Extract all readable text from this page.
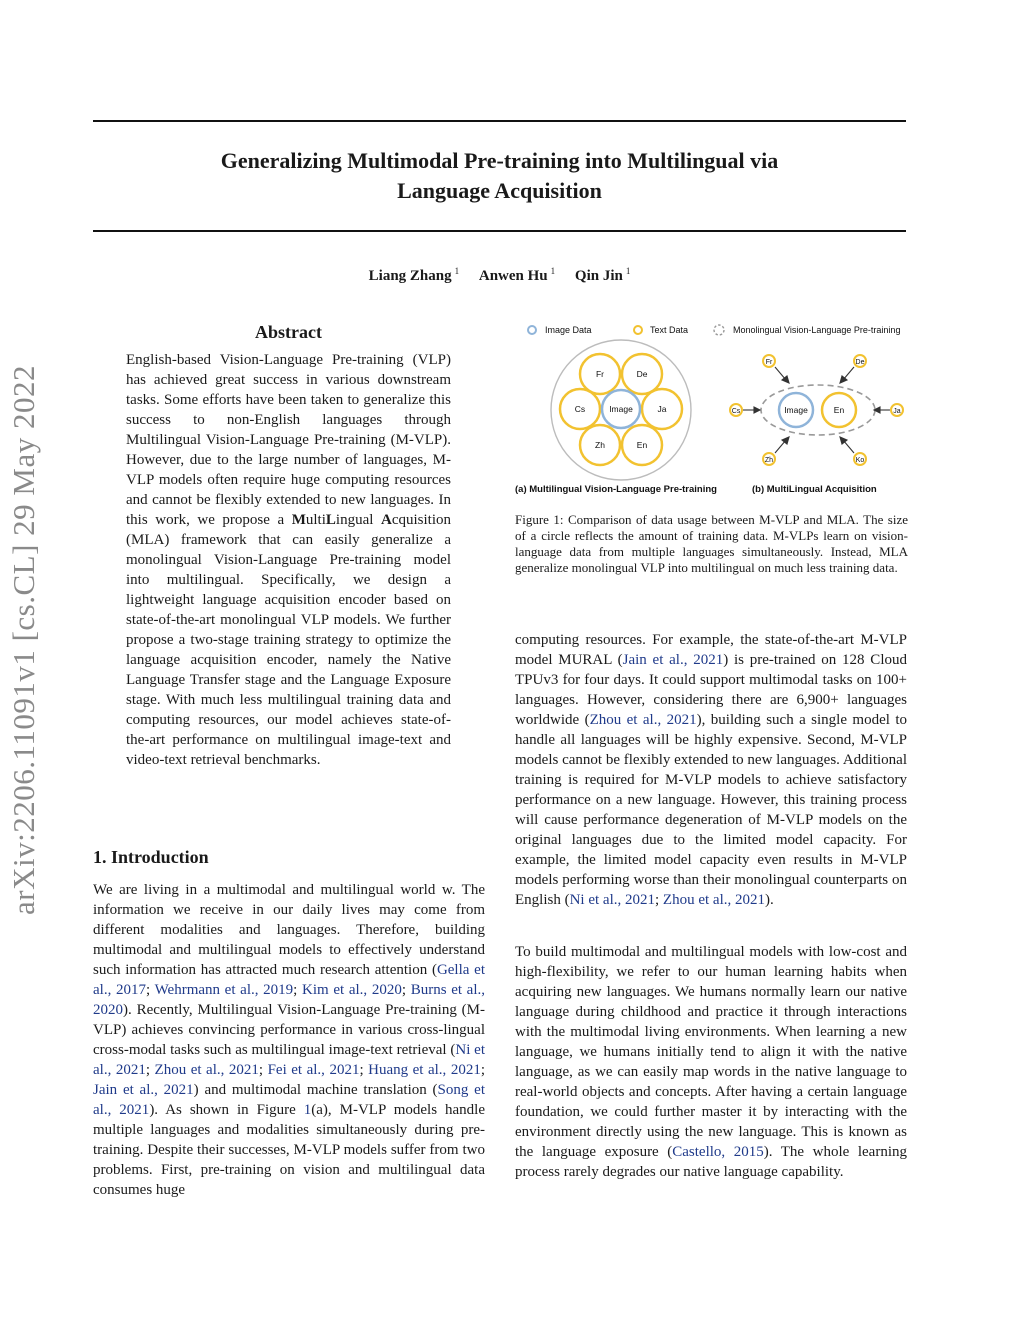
Generalizing Multimodal Pre-training into Multilingual via
Language Acquisition
Liang Zhang $^1$ Anwen Hu $^1$ Qin Jin $^1$
arXiv:2206.11091v1 [cs.CL] 29 May 2022
Abstract

English-based Vision-Language Pre-training (VLP) has achieved great success in various downstream tasks. Some efforts have been taken to generalize this success to non-English languages through Multilingual Vision-Language Pre-training (M-VLP). However, due to the large number of languages, M-VLP models often require huge computing resources and cannot be flexibly extended to new languages. In this work, we propose a MultiLingual Acquisition (MLA) framework that can easily generalize a monolingual Vision-Language Pre-training model into multilingual. Specifically, we design a lightweight language acquisition encoder based on state-of-the-art monolingual VLP models. We further propose a two-stage training strategy to optimize the language acquisition encoder, namely the Native Language Transfer stage and the Language Exposure stage. With much less multilingual training data and computing resources, our model achieves state-of-the-art performance on multilingual image-text and video-text retrieval benchmarks.

1. Introduction

We are living in a multimodal and multilingual world w. The information we receive in our daily lives may come from different modalities and languages. Therefore, building multimodal and multilingual models to effectively understand such information has attracted much research attention (Gella et al., 2017; Wehrmann et al., 2019; Kim et al., 2020; Burns et al., 2020). Recently, Multilingual Vision-Language Pre-training (M-VLP) achieves convincing performance in various cross-lingual cross-modal tasks such as multilingual image-text retrieval (Ni et al., 2021; Zhou et al., 2021; Fei et al., 2021; Huang et al., 2021; Jain et al., 2021) and multimodal machine translation (Song et al., 2021). As shown in Figure 1(a), M-VLP models handle multiple languages and modalities simultaneously during pre-training. Despite their successes, M-VLP models suffer from two problems. First, pre-training on vision and multilingual data consumes huge

Image Data	Text Data	Monolingual Vision-Language Pre-training
Image
Fr	De
Ja
En
Zh
Cs
(a) Multilingual Vision-Language Pre-training
Image	En
Fr	De
Cs	Ja
Zh	Ko
(b) MultiLingual Acquisition

Figure 1: Comparison of data usage between M-VLP and MLA. The size of a circle reflects the amount of training data. M-VLPs learn on vision-language data from multiple languages simultaneously. Instead, MLA generalize monolingual VLP into multilingual on much less training data.

computing resources. For example, the state-of-the-art M-VLP model MURAL (Jain et al., 2021) is pre-trained on 128 Cloud TPUv3 for four days. It could support multimodal tasks on 100+ languages. However, considering there are 6,900+ languages worldwide (Zhou et al., 2021), building such a single model to handle all languages will be highly expensive. Second, M-VLP models cannot be flexibly extended to new languages. Additional training is required for M-VLP models to achieve satisfactory performance on a new language. However, this training process will cause performance degeneration of M-VLP models on the original languages due to the limited model capacity. For example, the limited model capacity even results in M-VLP models performing worse than their monolingual counterparts on English (Ni et al., 2021; Zhou et al., 2021).

To build multimodal and multilingual models with low-cost and high-flexibility, we refer to our human learning habits when acquiring new languages. We humans normally learn our native language during childhood and practice it through interactions with the multimodal living environments. When learning a new language, we humans initially tend to align it with the native language, as we can easily map words in the native language to real-world objects and concepts. After having a certain language foundation, we could further master it by interacting with the environment directly using the new language. This is known as the language exposure (Castello, 2015). The whole learning process rarely degrades our native language capability.
